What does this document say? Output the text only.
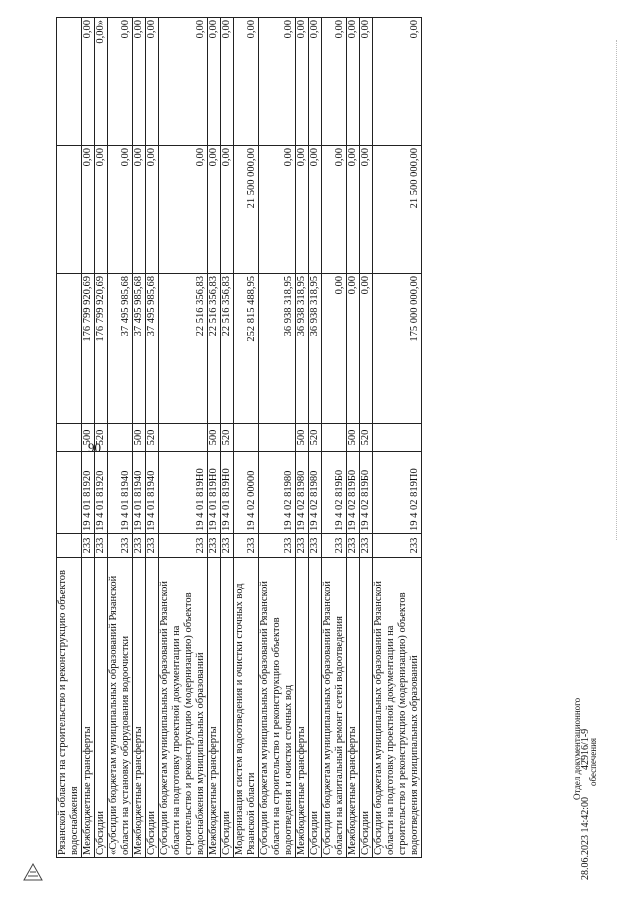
90
Рязанской области на строительство и реконструкцию объектов водоснабжения						
Межбюджетные трансферты	233	19 4 01 81920	500	176 799 920,69	0,00	0,00
Субсидии	233	19 4 01 81920	520	176 799 920,69	0,00	0,00»
«Субсидии бюджетам муниципальных образований Рязанской области на установку оборудования водоочистки	233	19 4 01 81940		37 495 985,68	0,00	0,00
Межбюджетные трансферты	233	19 4 01 81940	500	37 495 985,68	0,00	0,00
Субсидии	233	19 4 01 81940	520	37 495 985,68	0,00	0,00
Субсидии бюджетам муниципальных образований Рязанской области на подготовку проектной документации на строительство и реконструкцию (модернизацию) объектов водоснабжения муниципальных образований	233	19 4 01 819Н0		22 516 356,83	0,00	0,00
Межбюджетные трансферты	233	19 4 01 819Н0	500	22 516 356,83	0,00	0,00
Субсидии	233	19 4 01 819Н0	520	22 516 356,83	0,00	0,00
Модернизация систем водоотведения и очистки сточных вод Рязанской области	233	19 4 02 00000		252 815 488,95	21 500 000,00	0,00
Субсидии бюджетам муниципальных образований Рязанской области на строительство и реконструкцию объектов водоотведения и очистки сточных вод	233	19 4 02 81980		36 938 318,95	0,00	0,00
Межбюджетные трансферты	233	19 4 02 81980	500	36 938 318,95	0,00	0,00
Субсидии	233	19 4 02 81980	520	36 938 318,95	0,00	0,00
Субсидии бюджетам муниципальных образований Рязанской области на капитальный ремонт сетей водоотведения	233	19 4 02 819Б0		0,00	0,00	0,00
Межбюджетные трансферты	233	19 4 02 819Б0	500	0,00	0,00	0,00
Субсидии	233	19 4 02 819Б0	520	0,00	0,00	0,00
Субсидии бюджетам муниципальных образований Рязанской области на подготовку проектной документации на строительство и реконструкцию (модернизацию) объектов водоотведения муниципальных образований	233	19 4 02 819П0		175 000 000,00	21 500 000,00	0,00
Отдел документационного обеспечения
28.06.2023 14:42:00  42916/1-9
